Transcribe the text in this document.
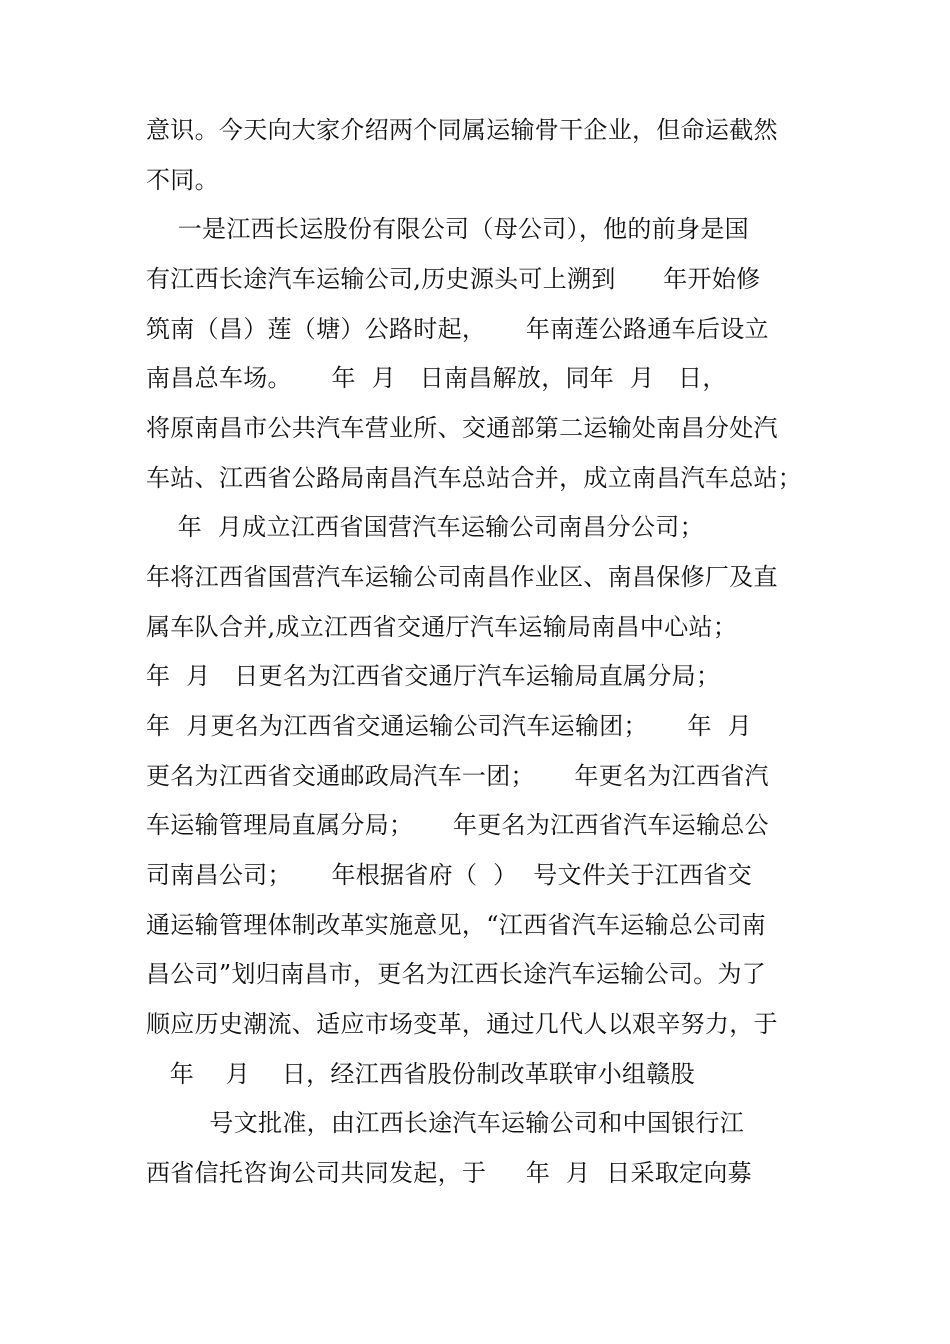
意识。今天向大家介绍两个同属运输骨干企业，但命运截然
不同。
一是江西长运股份有限公司（母公司），他的前身是国
有江西长途汽车运输公司,历史源头可上溯到      年开始修
筑南（昌）莲（塘）公路时起，     年南莲公路通车后设立
南昌总车场。     年  月   日南昌解放，同年  月   日，
将原南昌市公共汽车营业所、交通部第二运输处南昌分处汽
车站、江西省公路局南昌汽车总站合并，成立南昌汽车总站；
年  月成立江西省国营汽车运输公司南昌分公司；
年将江西省国营汽车运输公司南昌作业区、南昌保修厂及直
属车队合并,成立江西省交通厅汽车运输局南昌中心站；
年  月   日更名为江西省交通厅汽车运输局直属分局；
年  月更名为江西省交通运输公司汽车运输团；     年  月
更名为江西省交通邮政局汽车一团；     年更名为江西省汽
车运输管理局直属分局；     年更名为江西省汽车运输总公
司南昌公司；     年根据省府（  ）  号文件关于江西省交
通运输管理体制改革实施意见，“江西省汽车运输总公司南
昌公司”划归南昌市，更名为江西长途汽车运输公司。为了
顺应历史潮流、适应市场变革，通过几代人以艰辛努力，于
年    月    日，经江西省股份制改革联审小组赣股
号文批准，由江西长途汽车运输公司和中国银行江
西省信托咨询公司共同发起，于     年  月  日采取定向募
